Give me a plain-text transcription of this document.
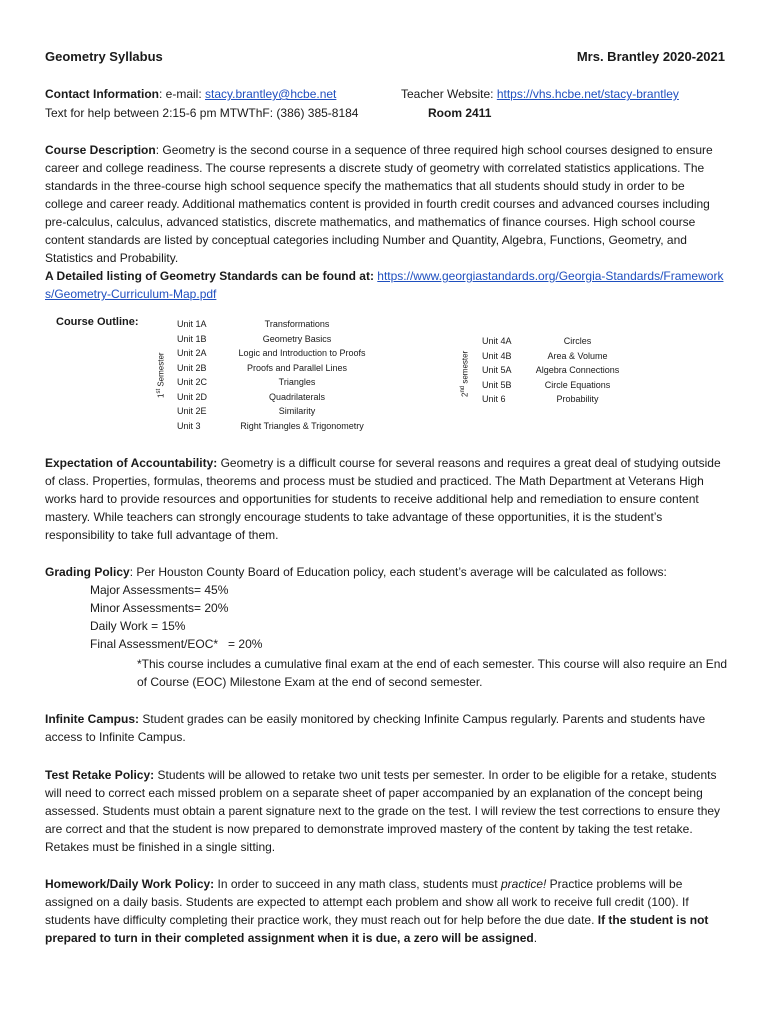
Geometry Syllabus	Mrs. Brantley 2020-2021
Contact Information: e-mail: stacy.brantley@hcbe.net	Teacher Website: https://vhs.hcbe.net/stacy-brantley
Text for help between 2:15-6 pm MTWThF: (386) 385-8184	Room 2411

Course Description: Geometry is the second course in a sequence of three required high school courses designed to ensure career and college readiness. The course represents a discrete study of geometry with correlated statistics applications. The standards in the three-course high school sequence specify the mathematics that all students should study in order to be college and career ready. Additional mathematics content is provided in fourth credit courses and advanced courses including pre-calculus, calculus, advanced statistics, discrete mathematics, and mathematics of finance courses. High school course content standards are listed by conceptual categories including Number and Quantity, Algebra, Functions, Geometry, and Statistics and Probability.
A Detailed listing of Geometry Standards can be found at: https://www.georgiastandards.org/Georgia-Standards/Frameworks/Geometry-Curriculum-Map.pdf

Course Outline:
1st Semester
Unit 1A	Transformations
Unit 1B	Geometry Basics
Unit 2A	Logic and Introduction to Proofs
Unit 2B	Proofs and Parallel Lines
Unit 2C	Triangles
Unit 2D	Quadrilaterals
Unit 2E	Similarity
Unit 3	Right Triangles & Trigonometry
2nd semester
Unit 4A	Circles
Unit 4B	Area & Volume
Unit 5A	Algebra Connections
Unit 5B	Circle Equations
Unit 6	Probability

Expectation of Accountability: Geometry is a difficult course for several reasons and requires a great deal of studying outside of class. Properties, formulas, theorems and process must be studied and practiced. The Math Department at Veterans High works hard to provide resources and opportunities for students to receive additional help and remediation to ensure content mastery. While teachers can strongly encourage students to take advantage of these opportunities, it is the student’s responsibility to take full advantage of them.

Grading Policy: Per Houston County Board of Education policy, each student’s average will be calculated as follows:

Major Assessments= 45%
Minor Assessments= 20%
Daily Work = 15%
Final Assessment/EOC*   = 20%
*This course includes a cumulative final exam at the end of each semester. This course will also require an End of Course (EOC) Milestone Exam at the end of second semester.

Infinite Campus: Student grades can be easily monitored by checking Infinite Campus regularly. Parents and students have access to Infinite Campus.

Test Retake Policy: Students will be allowed to retake two unit tests per semester. In order to be eligible for a retake, students will need to correct each missed problem on a separate sheet of paper accompanied by an explanation of the concept being assessed. Students must obtain a parent signature next to the grade on the test. I will review the test corrections to ensure they are correct and that the student is now prepared to demonstrate improved mastery of the content by taking the test retake. Retakes must be finished in a single sitting.

Homework/Daily Work Policy: In order to succeed in any math class, students must practice! Practice problems will be assigned on a daily basis. Students are expected to attempt each problem and show all work to receive full credit (100). If students have difficulty completing their practice work, they must reach out for help before the due date. If the student is not prepared to turn in their completed assignment when it is due, a zero will be assigned.
